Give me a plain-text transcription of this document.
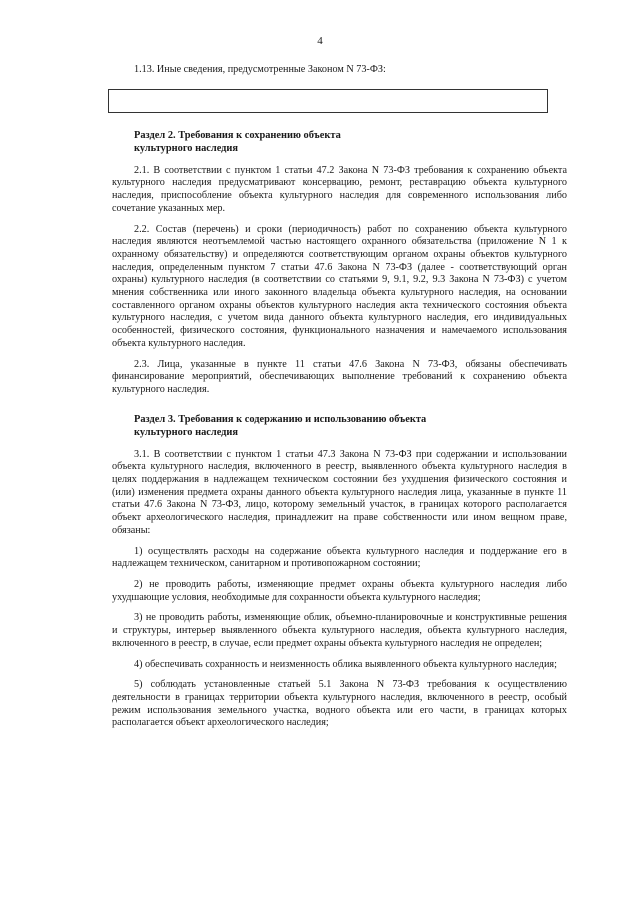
4

1.13. Иные сведения, предусмотренные Законом N 73-ФЗ:

Раздел 2. Требования к сохранению объекта

культурного наследия

2.1. В соответствии с пунктом 1 статьи 47.2 Закона N 73-ФЗ требования к сохранению объекта культурного наследия предусматривают консервацию, ремонт, реставрацию объекта культурного наследия, приспособление объекта культурного наследия для современного использования либо сочетание указанных мер.

2.2. Состав (перечень) и сроки (периодичность) работ по сохранению объекта культурного наследия являются неотъемлемой частью настоящего охранного обязательства (приложение N 1 к охранному обязательству) и определяются соответствующим органом охраны объектов культурного наследия, определенным пунктом 7 статьи 47.6 Закона N 73-ФЗ (далее - соответствующий орган охраны) культурного наследия (в соответствии со статьями 9, 9.1, 9.2, 9.3 Закона N 73-ФЗ) с учетом мнения собственника или иного законного владельца объекта культурного наследия, на основании составленного органом охраны объектов культурного наследия акта технического состояния объекта культурного наследия, с учетом вида данного объекта культурного наследия, его индивидуальных особенностей, физического состояния, функционального назначения и намечаемого использования объекта культурного наследия.

2.3. Лица, указанные в пункте 11 статьи 47.6 Закона N 73-ФЗ, обязаны обеспечивать финансирование мероприятий, обеспечивающих выполнение требований к сохранению объекта культурного наследия.

Раздел 3. Требования к содержанию и использованию объекта

культурного наследия

3.1. В соответствии с пунктом 1 статьи 47.3 Закона N 73-ФЗ при содержании и использовании объекта культурного наследия, включенного в реестр, выявленного объекта культурного наследия в целях поддержания в надлежащем техническом состоянии без ухудшения физического состояния и (или) изменения предмета охраны данного объекта культурного наследия лица, указанные в пункте 11 статьи 47.6 Закона N 73-ФЗ, лицо, которому земельный участок, в границах которого располагается объект археологического наследия, принадлежит на праве собственности или ином вещном праве, обязаны:

1) осуществлять расходы на содержание объекта культурного наследия и поддержание его в надлежащем техническом, санитарном и противопожарном состоянии;

2) не проводить работы, изменяющие предмет охраны объекта культурного наследия либо ухудшающие условия, необходимые для сохранности объекта культурного наследия;

3) не проводить работы, изменяющие облик, объемно-планировочные и конструктивные решения и структуры, интерьер выявленного объекта культурного наследия, объекта культурного наследия, включенного в реестр, в случае, если предмет охраны объекта культурного наследия не определен;

4) обеспечивать сохранность и неизменность облика выявленного объекта культурного наследия;

5) соблюдать установленные статьей 5.1 Закона N 73-ФЗ требования к осуществлению деятельности в границах территории объекта культурного наследия, включенного в реестр, особый режим использования земельного участка, водного объекта или его части, в границах которых располагается объект археологического наследия;
